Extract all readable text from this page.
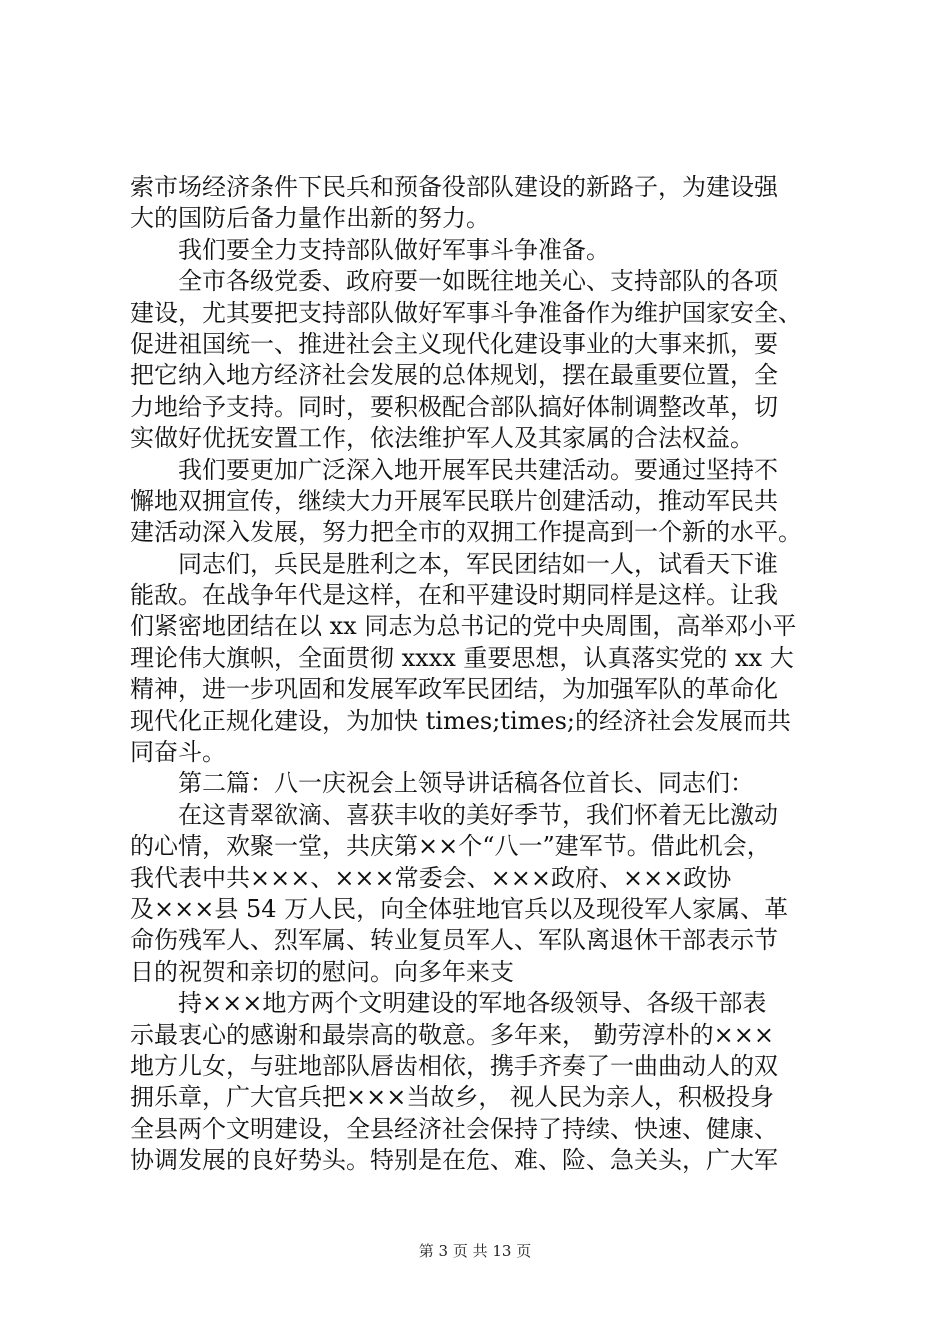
索市场经济条件下民兵和预备役部队建设的新路子，为建设强
大的国防后备力量作出新的努力。
我们要全力支持部队做好军事斗争准备。
全市各级党委、政府要一如既往地关心、支持部队的各项
建设，尤其要把支持部队做好军事斗争准备作为维护国家安全、
促进祖国统一、推进社会主义现代化建设事业的大事来抓，要
把它纳入地方经济社会发展的总体规划，摆在最重要位置，全
力地给予支持。同时，要积极配合部队搞好体制调整改革，切
实做好优抚安置工作，依法维护军人及其家属的合法权益。
我们要更加广泛深入地开展军民共建活动。要通过坚持不
懈地双拥宣传，继续大力开展军民联片创建活动，推动军民共
建活动深入发展，努力把全市的双拥工作提高到一个新的水平。
同志们，兵民是胜利之本，军民团结如一人，试看天下谁
能敌。在战争年代是这样，在和平建设时期同样是这样。让我
们紧密地团结在以 xx 同志为总书记的党中央周围，高举邓小平
理论伟大旗帜，全面贯彻 xxxx 重要思想，认真落实党的 xx 大
精神，进一步巩固和发展军政军民团结，为加强军队的革命化
现代化正规化建设，为加快 times;times;的经济社会发展而共
同奋斗。
第二篇：八一庆祝会上领导讲话稿各位首长、同志们：
在这青翠欲滴、喜获丰收的美好季节，我们怀着无比激动
的心情，欢聚一堂，共庆第××个“八一”建军节。借此机会，
我代表中共×××、×××常委会、×××政府、×××政协
及×××县 54 万人民，向全体驻地官兵以及现役军人家属、革
命伤残军人、烈军属、转业复员军人、军队离退休干部表示节
日的祝贺和亲切的慰问。向多年来支
持×××地方两个文明建设的军地各级领导、各级干部表
示最衷心的感谢和最崇高的敬意。多年来， 勤劳淳朴的×××
地方儿女，与驻地部队唇齿相依，携手齐奏了一曲曲动人的双
拥乐章，广大官兵把×××当故乡， 视人民为亲人，积极投身
全县两个文明建设，全县经济社会保持了持续、快速、健康、
协调发展的良好势头。特别是在危、难、险、急关头，广大军
第 3 页 共 13 页
